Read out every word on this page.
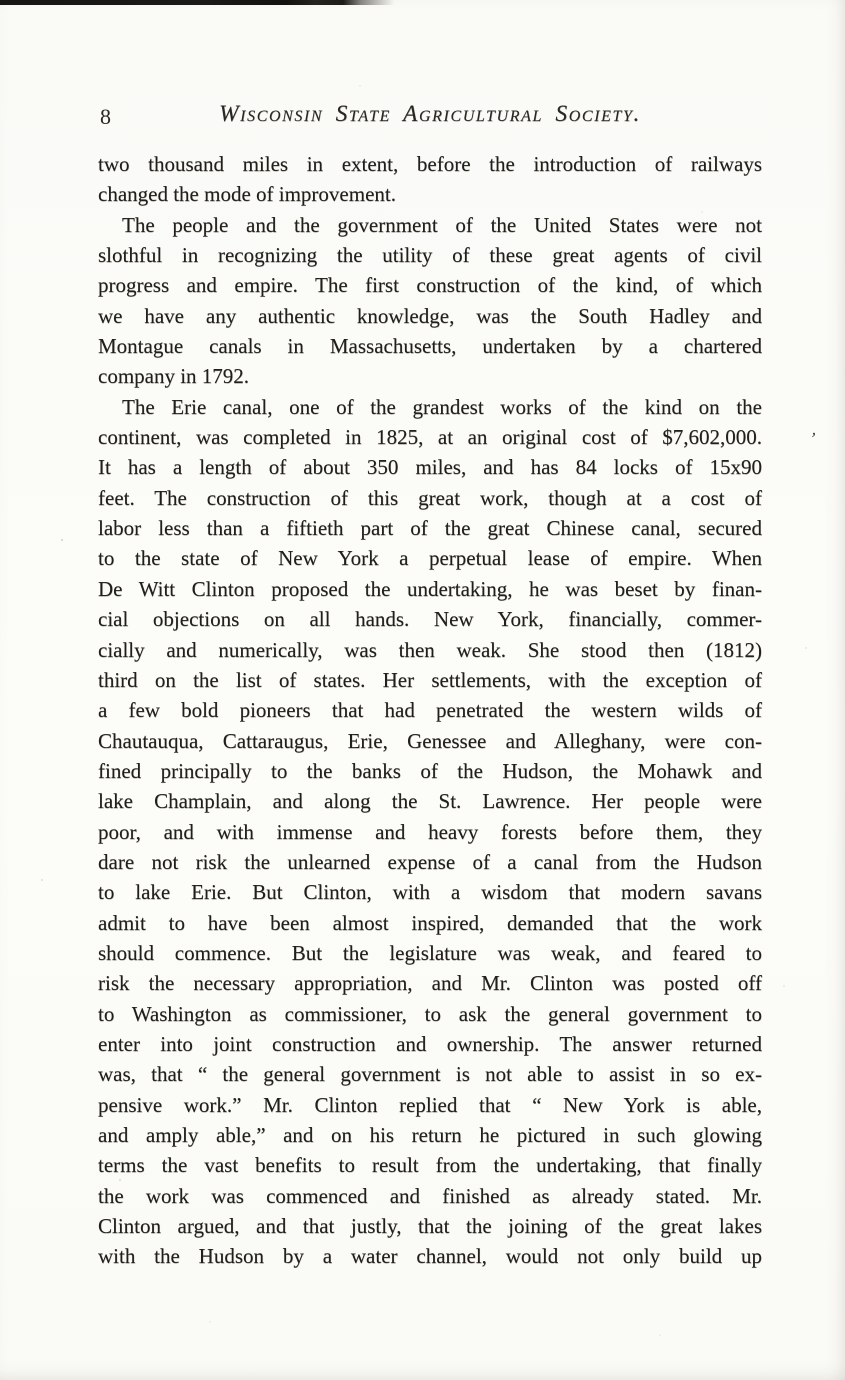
8	Wisconsin State Agricultural Society.
two thousand miles in extent, before the introduction of railways
changed the mode of improvement.
The people and the government of the United States were not
slothful in recognizing the utility of these great agents of civil
progress and empire. The first construction of the kind, of which
we have any authentic knowledge, was the South Hadley and
Montague canals in Massachusetts, undertaken by a chartered
company in 1792.
The Erie canal, one of the grandest works of the kind on the
continent, was completed in 1825, at an original cost of $7,602,000.
It has a length of about 350 miles, and has 84 locks of 15x90
feet. The construction of this great work, though at a cost of
labor less than a fiftieth part of the great Chinese canal, secured
to the state of New York a perpetual lease of empire. When
De Witt Clinton proposed the undertaking, he was beset by finan-
cial objections on all hands. New York, financially, commer-
cially and numerically, was then weak. She stood then (1812)
third on the list of states. Her settlements, with the exception of
a few bold pioneers that had penetrated the western wilds of
Chautauqua, Cattaraugus, Erie, Genessee and Alleghany, were con-
fined principally to the banks of the Hudson, the Mohawk and
lake Champlain, and along the St. Lawrence. Her people were
poor, and with immense and heavy forests before them, they
dare not risk the unlearned expense of a canal from the Hudson
to lake Erie. But Clinton, with a wisdom that modern savans
admit to have been almost inspired, demanded that the work
should commence. But the legislature was weak, and feared to
risk the necessary appropriation, and Mr. Clinton was posted off
to Washington as commissioner, to ask the general government to
enter into joint construction and ownership. The answer returned
was, that “ the general government is not able to assist in so ex-
pensive work.” Mr. Clinton replied that “ New York is able,
and amply able,” and on his return he pictured in such glowing
terms the vast benefits to result from the undertaking, that finally
the work was commenced and finished as already stated. Mr.
Clinton argued, and that justly, that the joining of the great lakes
with the Hudson by a water channel, would not only build up
’
